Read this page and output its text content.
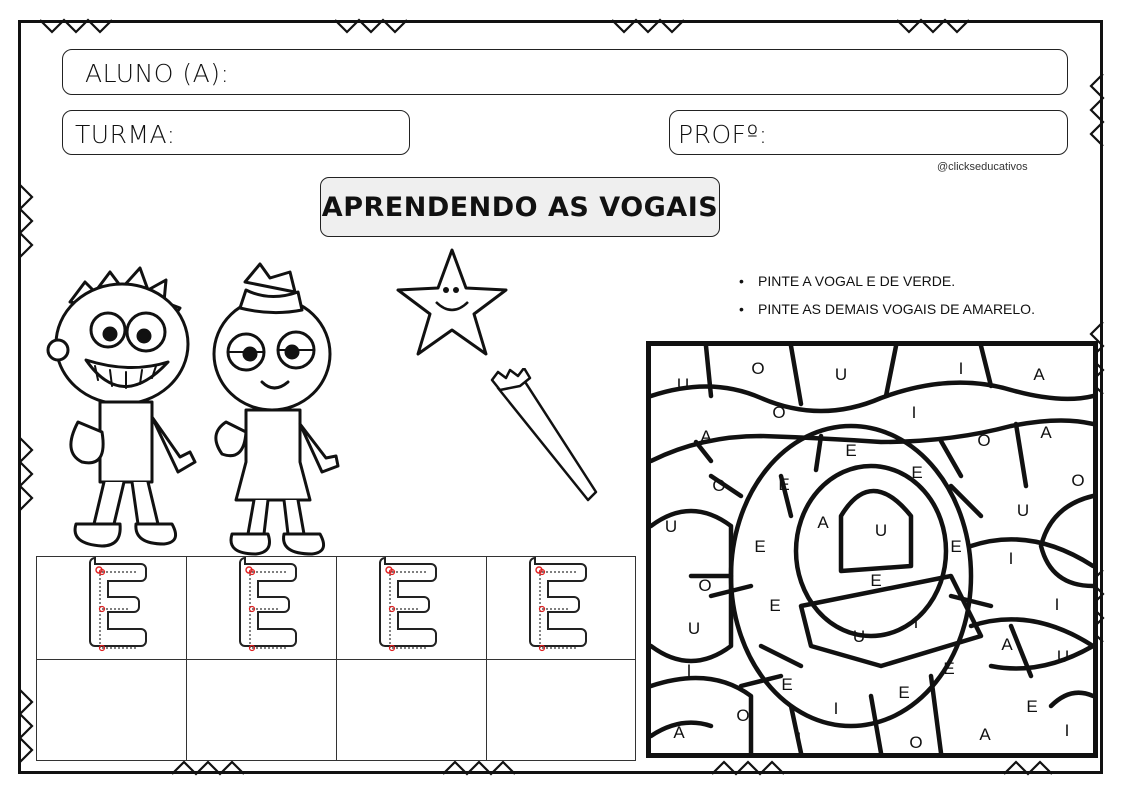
ALUNO (A):
TURMA:	PROFº:
@clickseducativos
APRENDENDO AS VOGAIS
• PINTE A VOGAL E DE VERDE.
• PINTE AS DEMAIS VOGAIS DE AMARELO.
U
O	U	I	A
O	I
A	O	A
E
E
O	O
E
U	A	U
E	E
U
I
O	E
E	I
U	U
I
A
U
I	E
E	E
I
O	E
A	I	A
O
I
